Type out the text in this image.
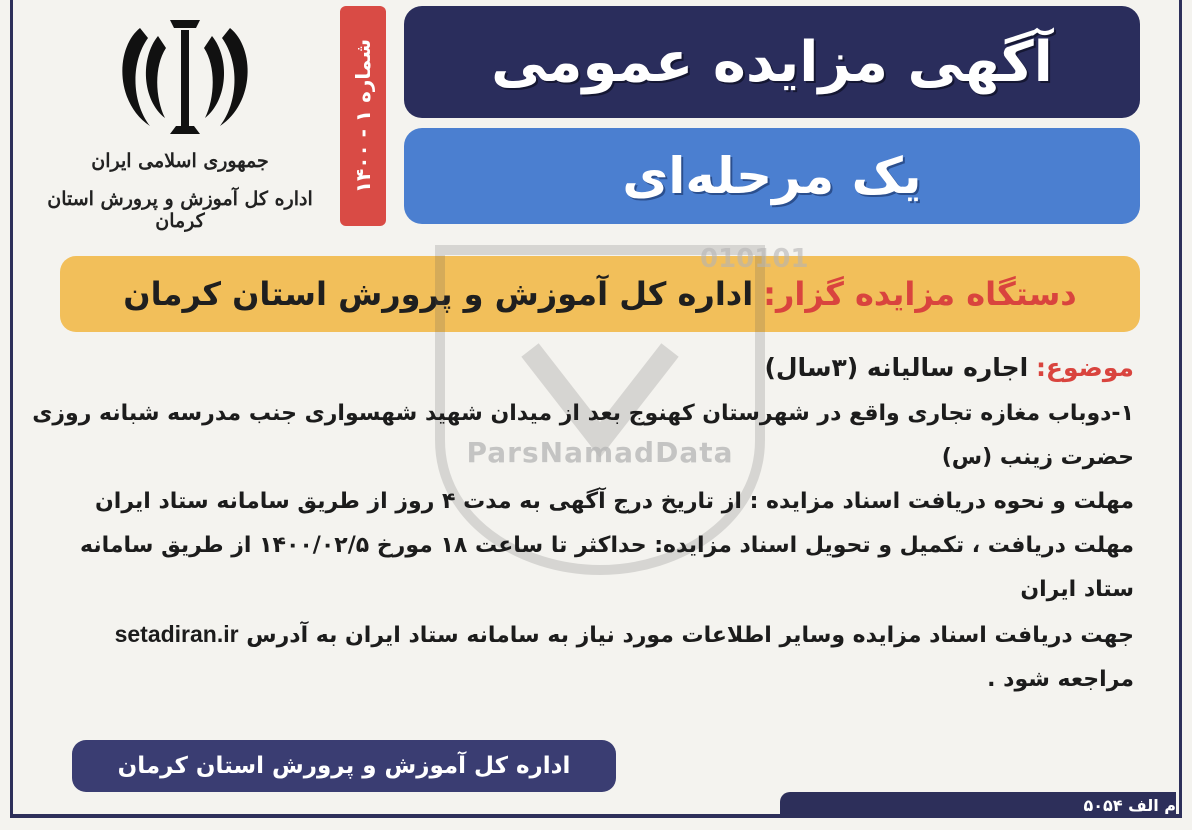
جمهوری اسلامی ایران
اداره کل آموزش و پرورش استان کرمان
شماره ۱ - ۱۴۰۰ آگهی مزایده عمومی
یک مرحله‌ای
دستگاه مزایده گزار:
اداره کل آموزش و پرورش استان کرمان
010101
ParsNamadData
موضوع: اجاره سالیانه (۳سال)
۱-دوباب مغازه تجاری واقع در شهرستان کهنوج بعد از میدان شهید شهسواری جنب مدرسه شبانه روزی
حضرت زینب (س)
مهلت و نحوه دریافت اسناد مزایده : از تاریخ درج آگهی به مدت ۴ روز از طریق سامانه ستاد ایران
مهلت دریافت ، تکمیل و تحویل اسناد مزایده: حداکثر تا ساعت ۱۸ مورخ ۱۴۰۰/۰۲/۵ از طریق سامانه
ستاد ایران
جهت دریافت اسناد مزایده وسایر اطلاعات مورد نیاز به سامانه ستاد ایران به آدرس setadiran.ir
مراجعه شود .
اداره کل آموزش و پرورش استان کرمان
م الف ۵۰۵۴
